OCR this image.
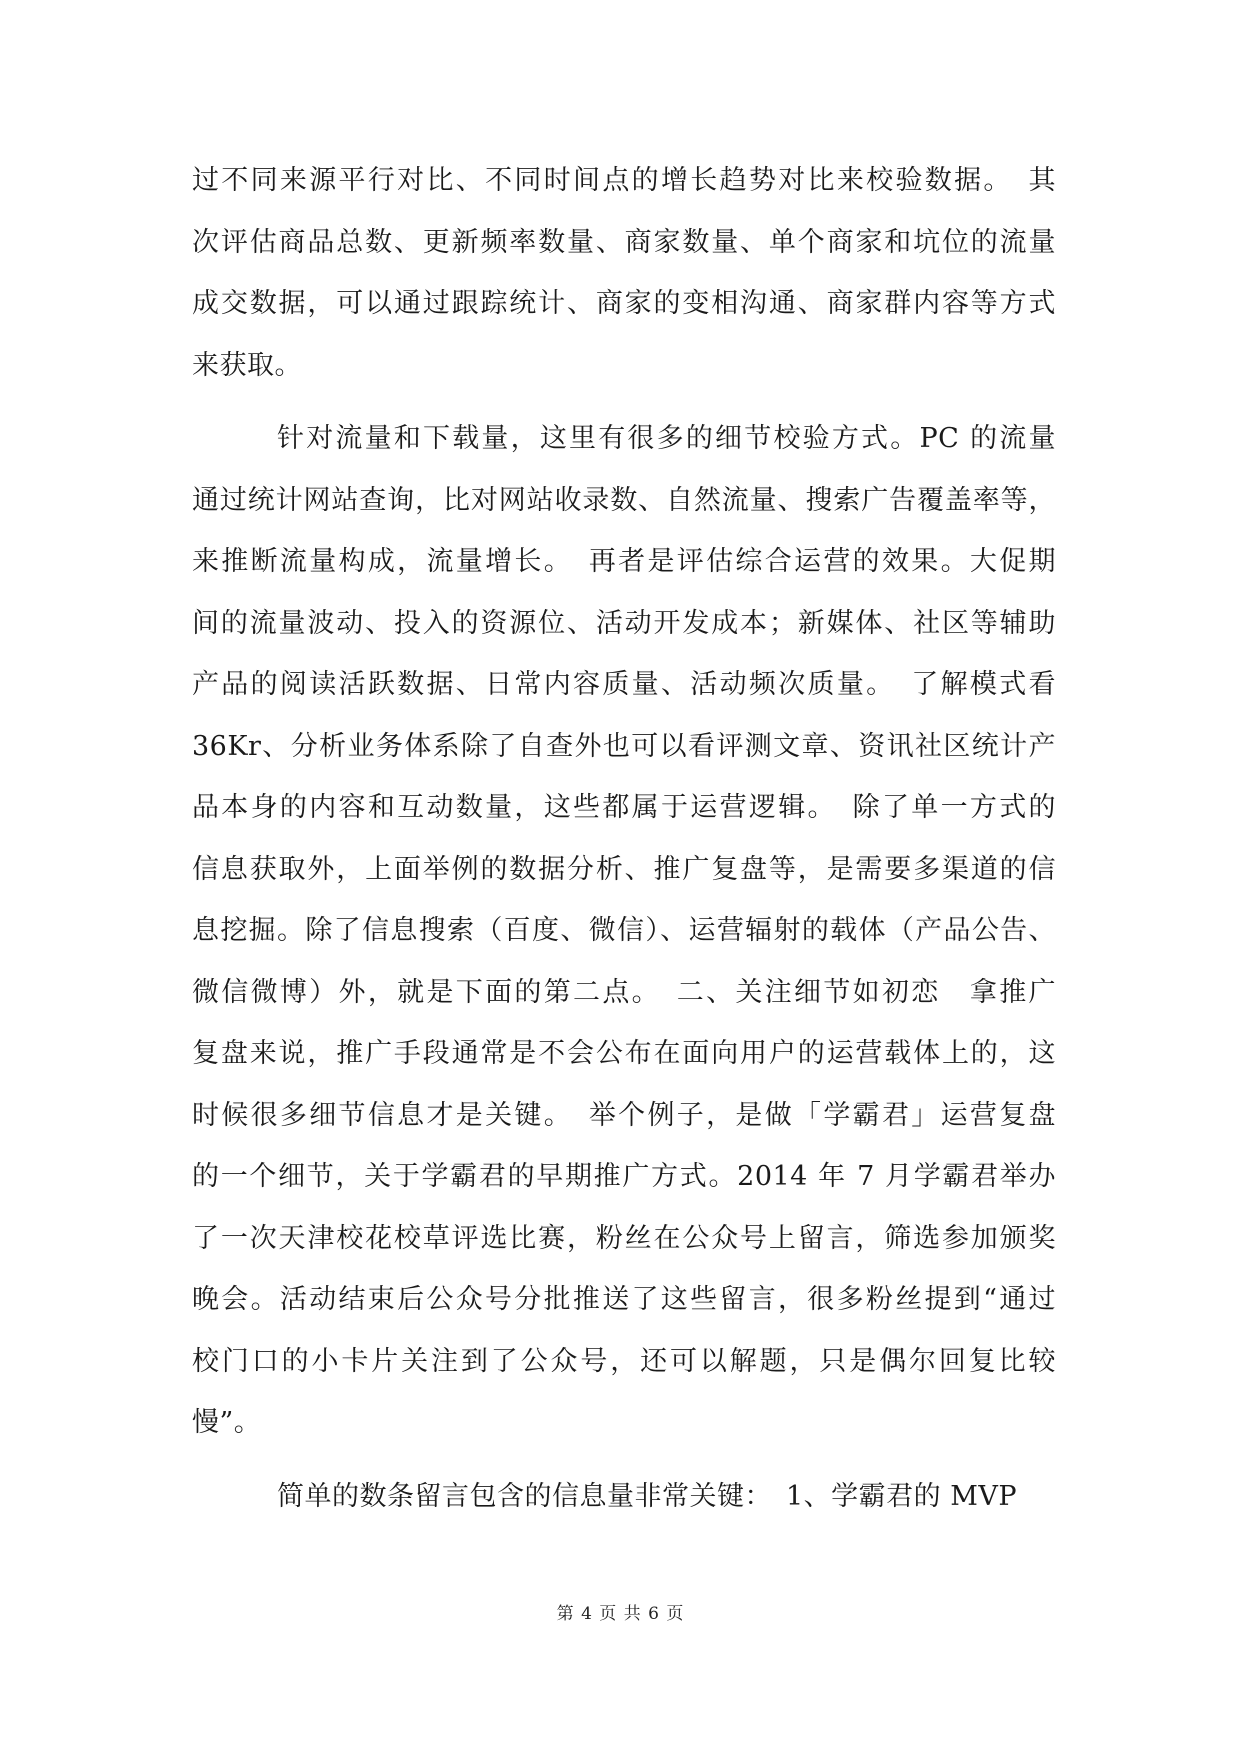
过不同来源平行对比、不同时间点的增长趋势对比来校验数据。　其
次评估商品总数、更新频率数量、商家数量、单个商家和坑位的流量
成交数据，可以通过跟踪统计、商家的变相沟通、商家群内容等方式
来获取。
针对流量和下载量，这里有很多的细节校验方式。PC 的流量
通过统计网站查询，比对网站收录数、自然流量、搜索广告覆盖率等，
来推断流量构成，流量增长。　再者是评估综合运营的效果。大促期
间的流量波动、投入的资源位、活动开发成本；新媒体、社区等辅助
产品的阅读活跃数据、日常内容质量、活动频次质量。　了解模式看
36Kr、分析业务体系除了自查外也可以看评测文章、资讯社区统计产
品本身的内容和互动数量，这些都属于运营逻辑。　除了单一方式的
信息获取外，上面举例的数据分析、推广复盘等，是需要多渠道的信
息挖掘。除了信息搜索（百度、微信）、运营辐射的载体（产品公告、
微信微博）外，就是下面的第二点。　二、关注细节如初恋　拿推广
复盘来说，推广手段通常是不会公布在面向用户的运营载体上的，这
时候很多细节信息才是关键。　举个例子，是做「学霸君」运营复盘
的一个细节，关于学霸君的早期推广方式。2014 年 7 月学霸君举办
了一次天津校花校草评选比赛，粉丝在公众号上留言，筛选参加颁奖
晚会。活动结束后公众号分批推送了这些留言，很多粉丝提到“通过
校门口的小卡片关注到了公众号，还可以解题，只是偶尔回复比较
慢”。
简单的数条留言包含的信息量非常关键：　1、学霸君的 MVP
第 4 页 共 6 页
